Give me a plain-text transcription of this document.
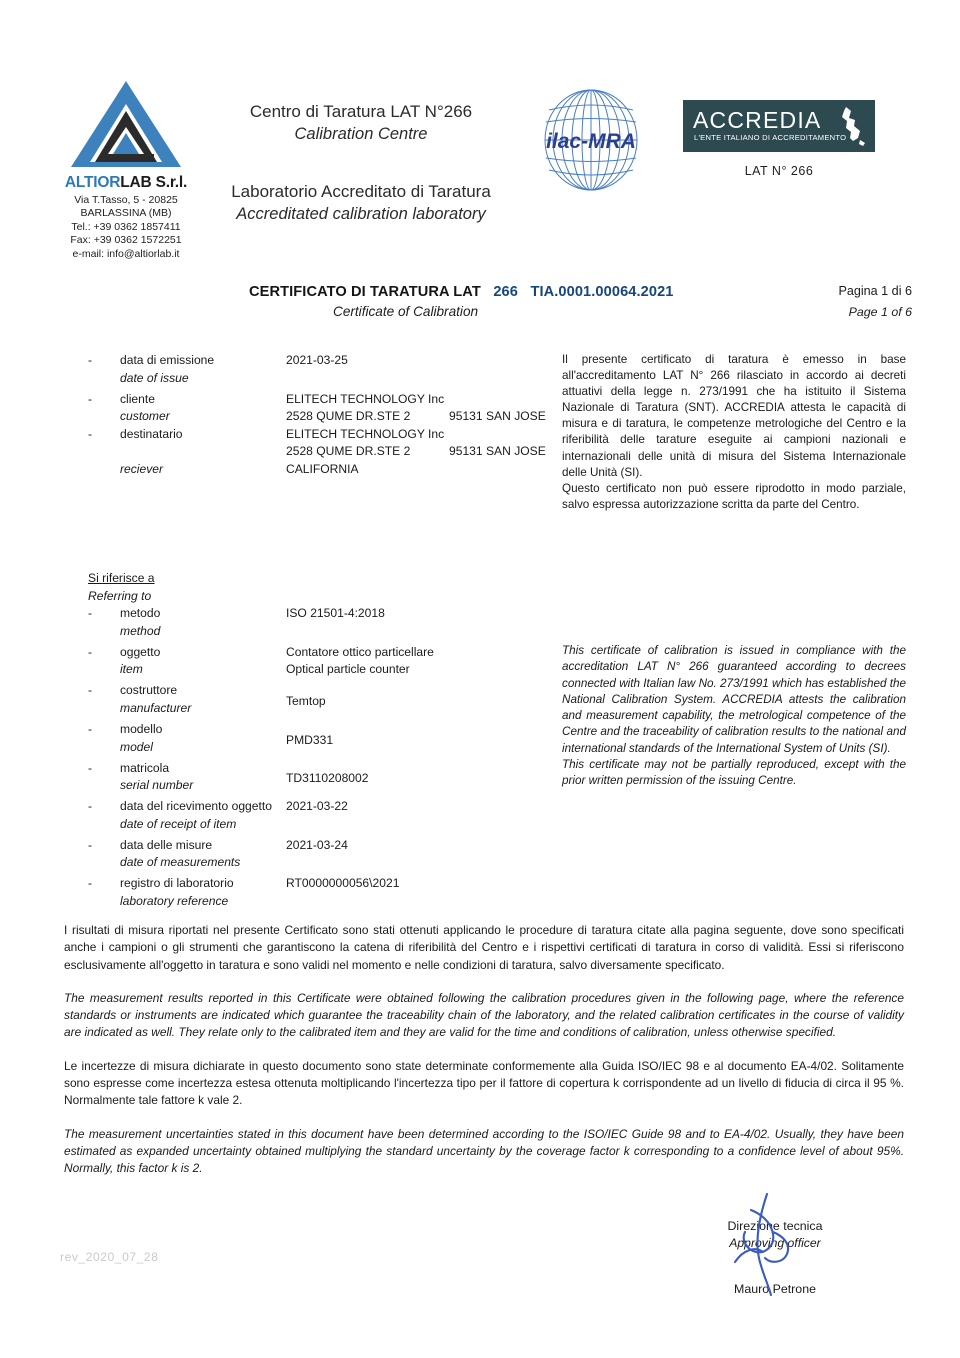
ALTIORLAB S.r.l.
Via T.Tasso, 5 - 20825
BARLASSINA (MB)
Tel.: +39 0362 1857411
Fax: +39 0362 1572251
e-mail: info@altiorlab.it
Centro di Taratura LAT N°266
Calibration Centre
Laboratorio Accreditato di Taratura
Accreditated calibration laboratory
ilac-MRA
ACCREDIA
L'ENTE ITALIANO DI ACCREDITAMENTO
LAT N° 266
CERTIFICATO DI TARATURA LAT 266 TIA.0001.00064.2021
Certificate of Calibration
Pagina 1 di 6
Page 1 of 6
-	data di emissione	2021-03-25
date of issue
-	cliente	ELITECH TECHNOLOGY Inc
customer	2528 QUME DR.STE 2	95131 SAN JOSE
-	destinatario	ELITECH TECHNOLOGY Inc
2528 QUME DR.STE 2	95131 SAN JOSE
reciever	CALIFORNIA
Il presente certificato di taratura è emesso in base all'accreditamento LAT N° 266 rilasciato in accordo ai decreti attuativi della legge n. 273/1991 che ha istituito il Sistema Nazionale di Taratura (SNT). ACCREDIA attesta le capacità di misura e di taratura, le competenze metrologiche del Centro e la riferibilità delle tarature eseguite ai campioni nazionali e internazionali delle unità di misura del Sistema Internazionale delle Unità (SI).
Questo certificato non può essere riprodotto in modo parziale, salvo espressa autorizzazione scritta da parte del Centro.
Si riferisce a
Referring to
-	metodo	ISO 21501-4:2018
method
-	oggetto	Contatore ottico particellare
item	Optical particle counter
-	costruttore
manufacturer	Temtop
-	modello
model	PMD331
-	matricola
serial number	TD3110208002
-	data del ricevimento oggetto 2021-03-22
date of receipt of item
-	data delle misure	2021-03-24
date of measurements
-	registro di laboratorio	RT0000000056\2021
laboratory reference
This certificate of calibration is issued in compliance with the accreditation LAT N° 266 guaranteed according to decrees connected with Italian law No. 273/1991 which has established the National Calibration System. ACCREDIA attests the calibration and measurement capability, the metrological competence of the Centre and the traceability of calibration results to the national and international standards of the International System of Units (SI).
This certificate may not be partially reproduced, except with the prior written permission of the issuing Centre.
I risultati di misura riportati nel presente Certificato sono stati ottenuti applicando le procedure di taratura citate alla pagina seguente, dove sono specificati anche i campioni o gli strumenti che garantiscono la catena di riferibilità del Centro e i rispettivi certificati di taratura in corso di validità. Essi si riferiscono esclusivamente all'oggetto in taratura e sono validi nel momento e nelle condizioni di taratura, salvo diversamente specificato.
The measurement results reported in this Certificate were obtained following the calibration procedures given in the following page, where the reference standards or instruments are indicated which guarantee the traceability chain of the laboratory, and the related calibration certificates in the course of validity are indicated as well. They relate only to the calibrated item and they are valid for the time and conditions of calibration, unless otherwise specified.
Le incertezze di misura dichiarate in questo documento sono state determinate conformemente alla Guida ISO/IEC 98 e al documento EA-4/02. Solitamente sono espresse come incertezza estesa ottenuta moltiplicando l'incertezza tipo per il fattore di copertura k corrispondente ad un livello di fiducia di circa il 95 %. Normalmente tale fattore k vale 2.
The measurement uncertainties stated in this document have been determined according to the ISO/IEC Guide 98 and to EA-4/02. Usually, they have been estimated as expanded uncertainty obtained multiplying the standard uncertainty by the coverage factor k corresponding to a confidence level of about 95%. Normally, this factor k is 2.
Direzione tecnica
Approving officer
Mauro Petrone
rev_2020_07_28
